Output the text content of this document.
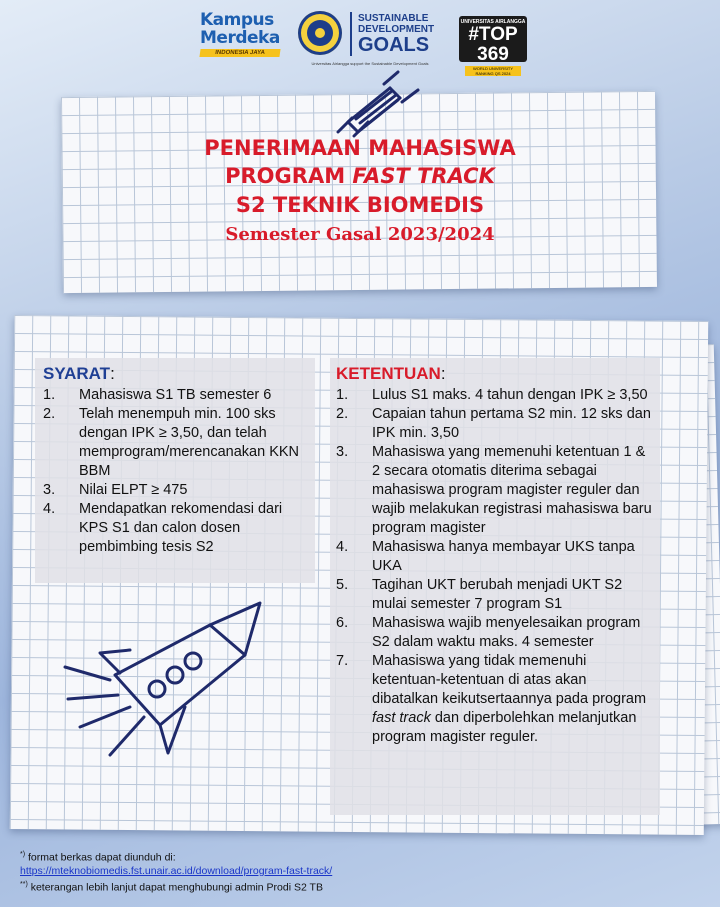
Kampus
Merdeka
INDONESIA JAYA
SUSTAINABLE
DEVELOPMENT
GOALS
Universitas Airlangga support the Sustainable Development Goals
UNIVERSITAS AIRLANGGA
#TOP 369
WORLD UNIVERSITY RANKING QS 2024
PENERIMAAN MAHASISWA
PROGRAM FAST TRACK
S2 TEKNIK BIOMEDIS
Semester Gasal 2023/2024
SYARAT:
1.	Mahasiswa S1 TB semester 6
2.	Telah menempuh min. 100 sks dengan IPK ≥ 3,50, dan telah memprogram/merencanakan KKN BBM
3.	Nilai ELPT ≥ 475
4.	Mendapatkan rekomendasi dari KPS S1 dan calon dosen pembimbing tesis S2
KETENTUAN:
1.	Lulus S1 maks. 4 tahun dengan IPK ≥ 3,50
2.	Capaian tahun pertama S2 min. 12 sks dan IPK min. 3,50
3.	Mahasiswa yang memenuhi ketentuan 1 & 2 secara otomatis diterima sebagai mahasiswa program magister reguler dan wajib melakukan registrasi mahasiswa baru program magister
4.	Mahasiswa hanya membayar UKS tanpa UKA
5.	Tagihan UKT berubah menjadi UKT S2 mulai semester 7 program S1
6.	Mahasiswa wajib menyelesaikan program S2 dalam waktu maks. 4 semester
7.	Mahasiswa yang tidak memenuhi ketentuan-ketentuan di atas akan dibatalkan keikutsertaannya pada program fast track dan diperbolehkan melanjutkan program magister reguler.
*) format berkas dapat diunduh di:
https://mteknobiomedis.fst.unair.ac.id/download/program-fast-track/
**) keterangan lebih lanjut dapat menghubungi admin Prodi S2 TB
